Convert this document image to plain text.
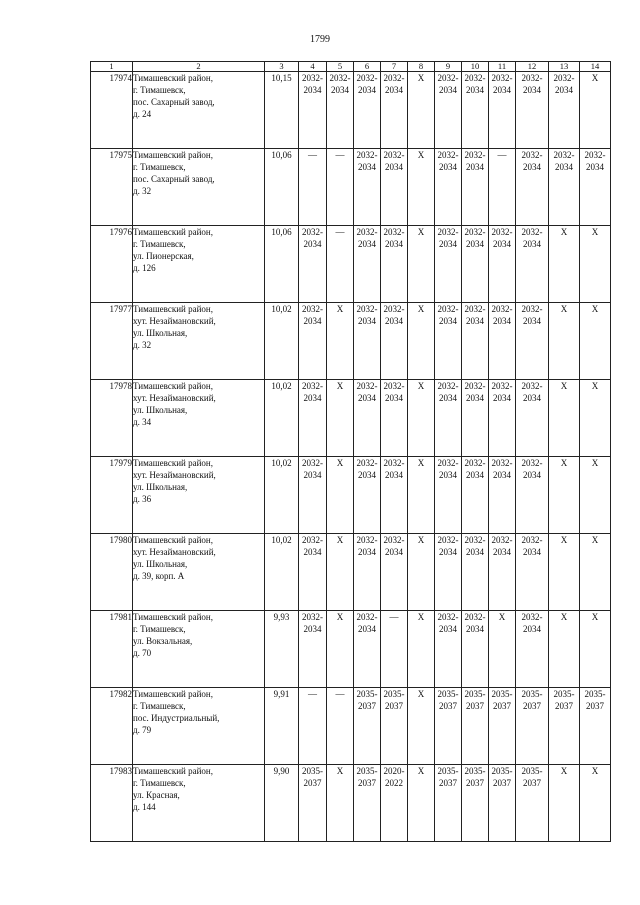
1799
1	2	3	4	5	6	7	8	9	10	11	12	13	14
17974	Тимашевский район,
г. Тимашевск,
пос. Сахарный завод,
д. 24	10,15	2032-
2034	2032-
2034	2032-
2034	2032-
2034	X	2032-
2034	2032-
2034	2032-
2034	2032-
2034	2032-
2034	X

17975	Тимашевский район,
г. Тимашевск,
пос. Сахарный завод,
д. 32	10,06	—	—	2032-
2034	2032-
2034	X	2032-
2034	2032-
2034	—	2032-
2034	2032-
2034	2032-
2034

17976	Тимашевский район,
г. Тимашевск,
ул. Пионерская,
д. 126	10,06	2032-
2034	—	2032-
2034	2032-
2034	X	2032-
2034	2032-
2034	2032-
2034	2032-
2034	X	X

17977	Тимашевский район,
хут. Незаймановский,
ул. Школьная,
д. 32	10,02	2032-
2034	X	2032-
2034	2032-
2034	X	2032-
2034	2032-
2034	2032-
2034	2032-
2034	X	X

17978	Тимашевский район,
хут. Незаймановский,
ул. Школьная,
д. 34	10,02	2032-
2034	X	2032-
2034	2032-
2034	X	2032-
2034	2032-
2034	2032-
2034	2032-
2034	X	X

17979	Тимашевский район,
хут. Незаймановский,
ул. Школьная,
д. 36	10,02	2032-
2034	X	2032-
2034	2032-
2034	X	2032-
2034	2032-
2034	2032-
2034	2032-
2034	X	X

17980	Тимашевский район,
хут. Незаймановский,
ул. Школьная,
д. 39, корп. А	10,02	2032-
2034	X	2032-
2034	2032-
2034	X	2032-
2034	2032-
2034	2032-
2034	2032-
2034	X	X

17981	Тимашевский район,
г. Тимашевск,
ул. Вокзальная,
д. 70	9,93	2032-
2034	X	2032-
2034	—	X	2032-
2034	2032-
2034	X	2032-
2034	X	X

17982	Тимашевский район,
г. Тимашевск,
пос. Индустриальный,
д. 79	9,91	—	—	2035-
2037	2035-
2037	X	2035-
2037	2035-
2037	2035-
2037	2035-
2037	2035-
2037	2035-
2037

17983	Тимашевский район,
г. Тимашевск,
ул. Красная,
д. 144	9,90	2035-
2037	X	2035-
2037	2020-
2022	X	2035-
2037	2035-
2037	2035-
2037	2035-
2037	X	X
